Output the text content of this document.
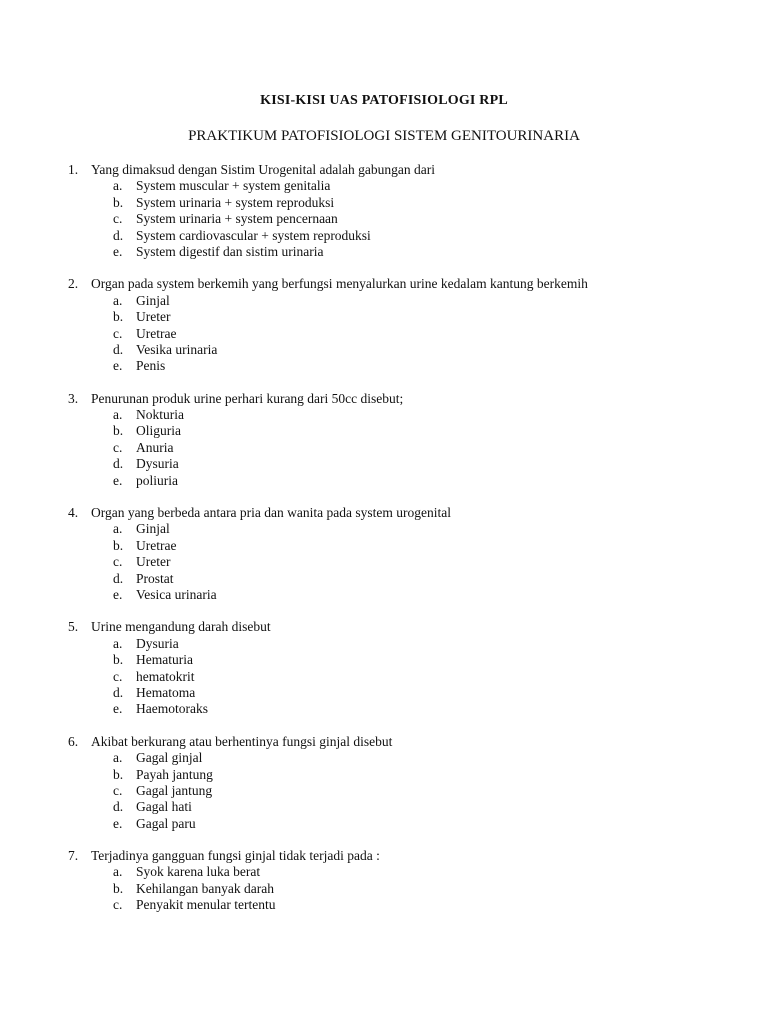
KISI-KISI UAS PATOFISIOLOGI RPL
PRAKTIKUM PATOFISIOLOGI SISTEM GENITOURINARIA
1. Yang dimaksud dengan Sistim Urogenital adalah gabungan dari
a. System muscular + system genitalia
b. System urinaria + system reproduksi
c. System urinaria + system pencernaan
d. System cardiovascular + system reproduksi
e. System digestif dan sistim urinaria
2. Organ pada system berkemih yang berfungsi menyalurkan urine kedalam kantung berkemih
a. Ginjal
b. Ureter
c. Uretrae
d. Vesika urinaria
e. Penis
3. Penurunan produk urine perhari kurang dari 50cc disebut;
a. Nokturia
b. Oliguria
c. Anuria
d. Dysuria
e. poliuria
4. Organ yang berbeda antara pria dan wanita pada system urogenital
a. Ginjal
b. Uretrae
c. Ureter
d. Prostat
e. Vesica urinaria
5. Urine mengandung darah disebut
a. Dysuria
b. Hematuria
c. hematokrit
d. Hematoma
e. Haemotoraks
6. Akibat berkurang atau berhentinya fungsi ginjal disebut
a. Gagal ginjal
b. Payah jantung
c. Gagal jantung
d. Gagal hati
e. Gagal paru
7. Terjadinya gangguan fungsi ginjal tidak terjadi pada :
a. Syok karena luka berat
b. Kehilangan banyak darah
c. Penyakit menular tertentu
